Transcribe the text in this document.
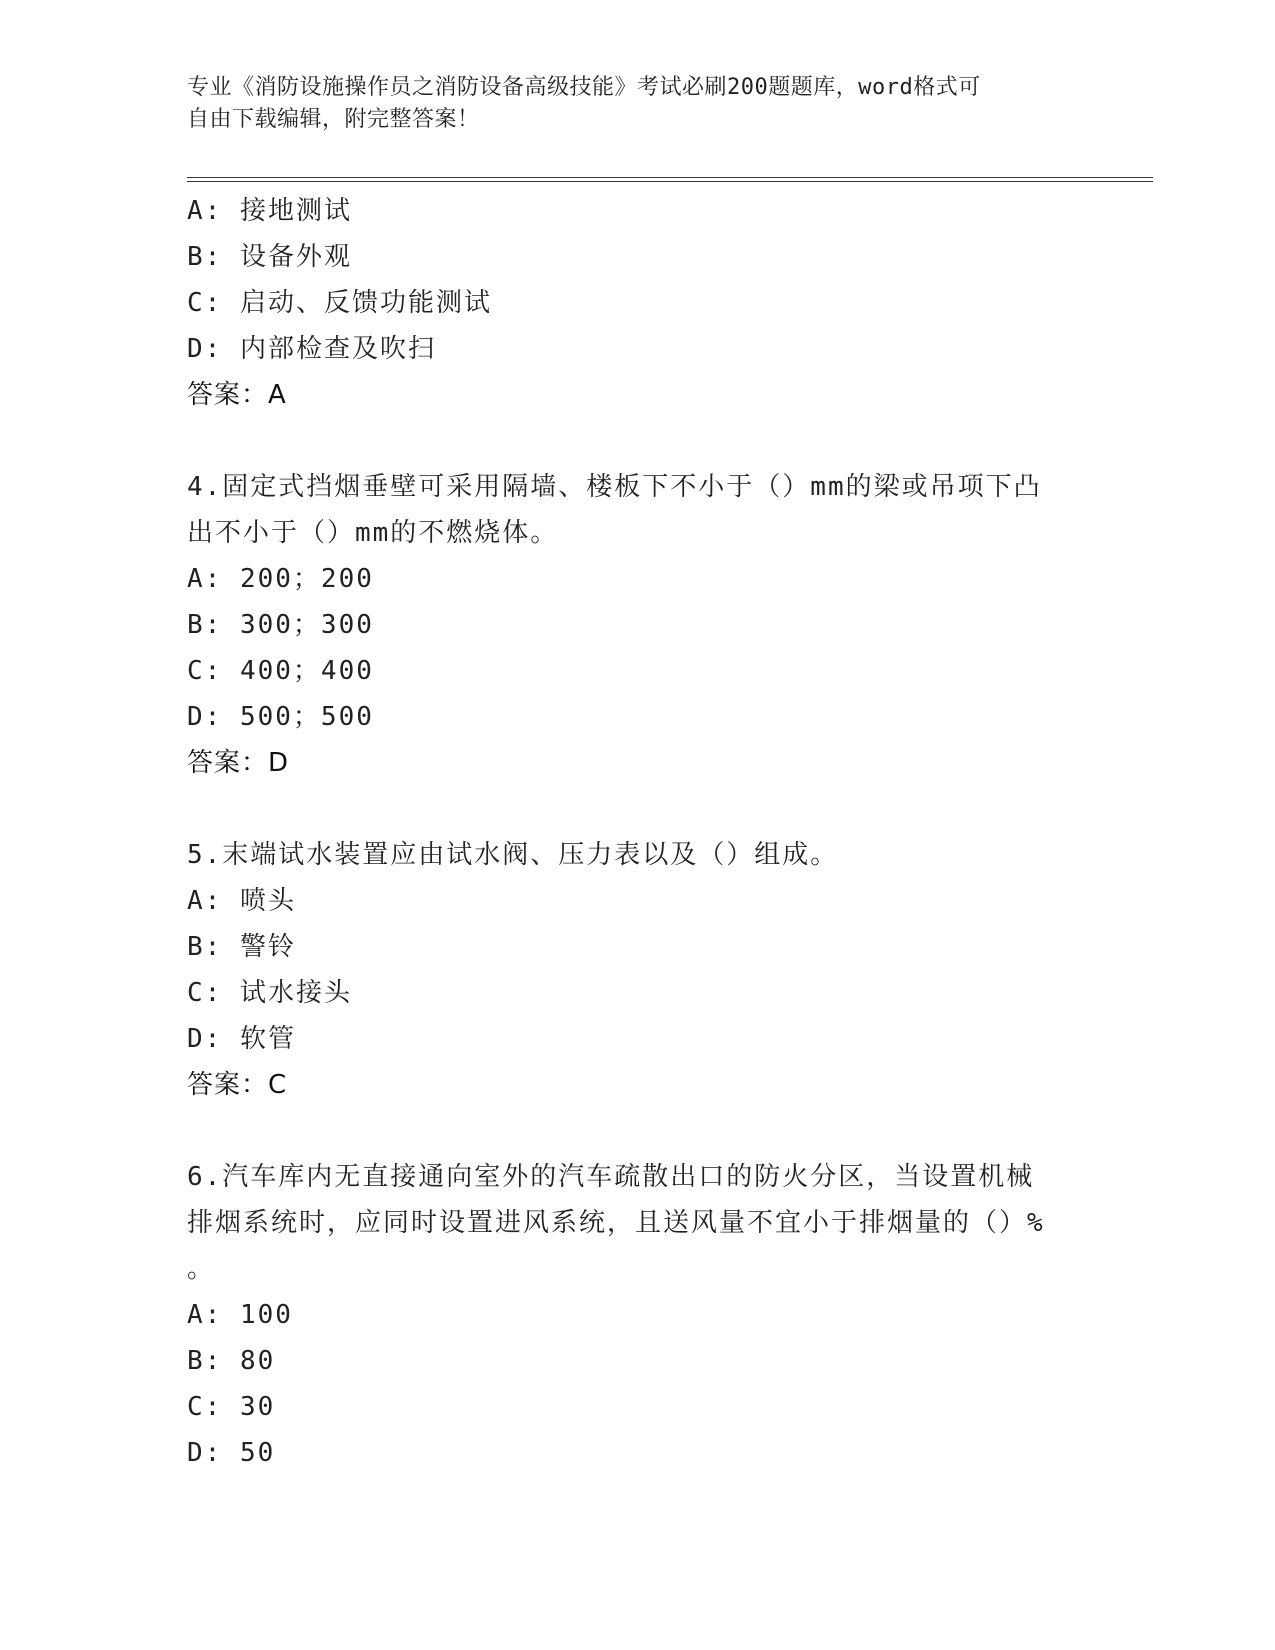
专业《消防设施操作员之消防设备高级技能》考试必刷200题题库，word格式可
自由下载编辑，附完整答案！
A: 接地测试
B: 设备外观
C: 启动、反馈功能测试
D: 内部检查及吹扫
答案：A
4.固定式挡烟垂壁可采用隔墙、楼板下不小于（）mm的梁或吊项下凸
出不小于（）mm的不燃烧体。
A: 200；200
B: 300；300
C: 400；400
D: 500；500
答案：D
5.末端试水装置应由试水阀、压力表以及（）组成。
A: 喷头
B: 警铃
C: 试水接头
D: 软管
答案：C
6.汽车库内无直接通向室外的汽车疏散出口的防火分区，当设置机械
排烟系统时，应同时设置进风系统，且送风量不宜小于排烟量的（）%
。
A: 100
B: 80
C: 30
D: 50
